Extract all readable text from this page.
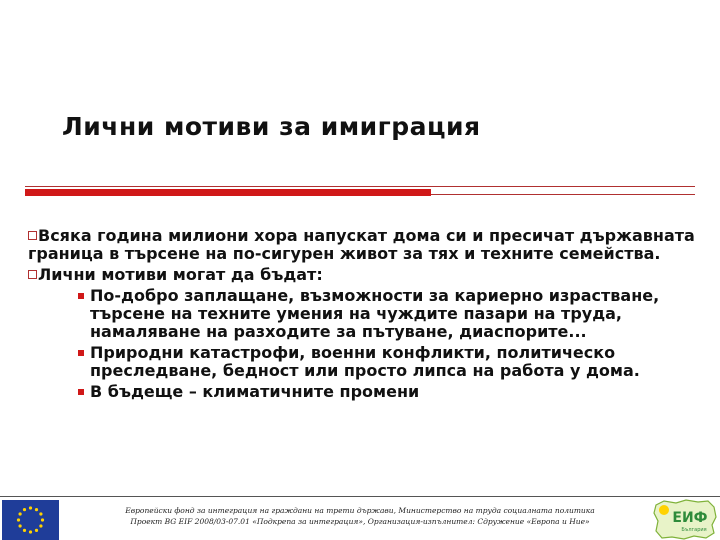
Лични мотиви за имиграция
Всяка година милиони хора напускат дома си и пресичат държавната граница в търсене на по-сигурен живот за тях и техните семейства.
Лични мотиви могат да бъдат:
По-добро заплащане, възможности за кариерно израстване, търсене на техните умения на чуждите пазари на труда, намаляване на разходите за пътуване, диаспорите...
Природни катастрофи, военни конфликти, политическо преследване, бедност или просто липса на работа у дома.
В бъдеще – климатичните промени
Европейски фонд за интеграция на граждани на трети държави, Министерство на труда социалната политика
Проект BG EIF 2008/03-07.01 «Подкрепа за интеграция», Организация-изпълнител: Сдружение «Европа и Ние»	ЕИФ
България
